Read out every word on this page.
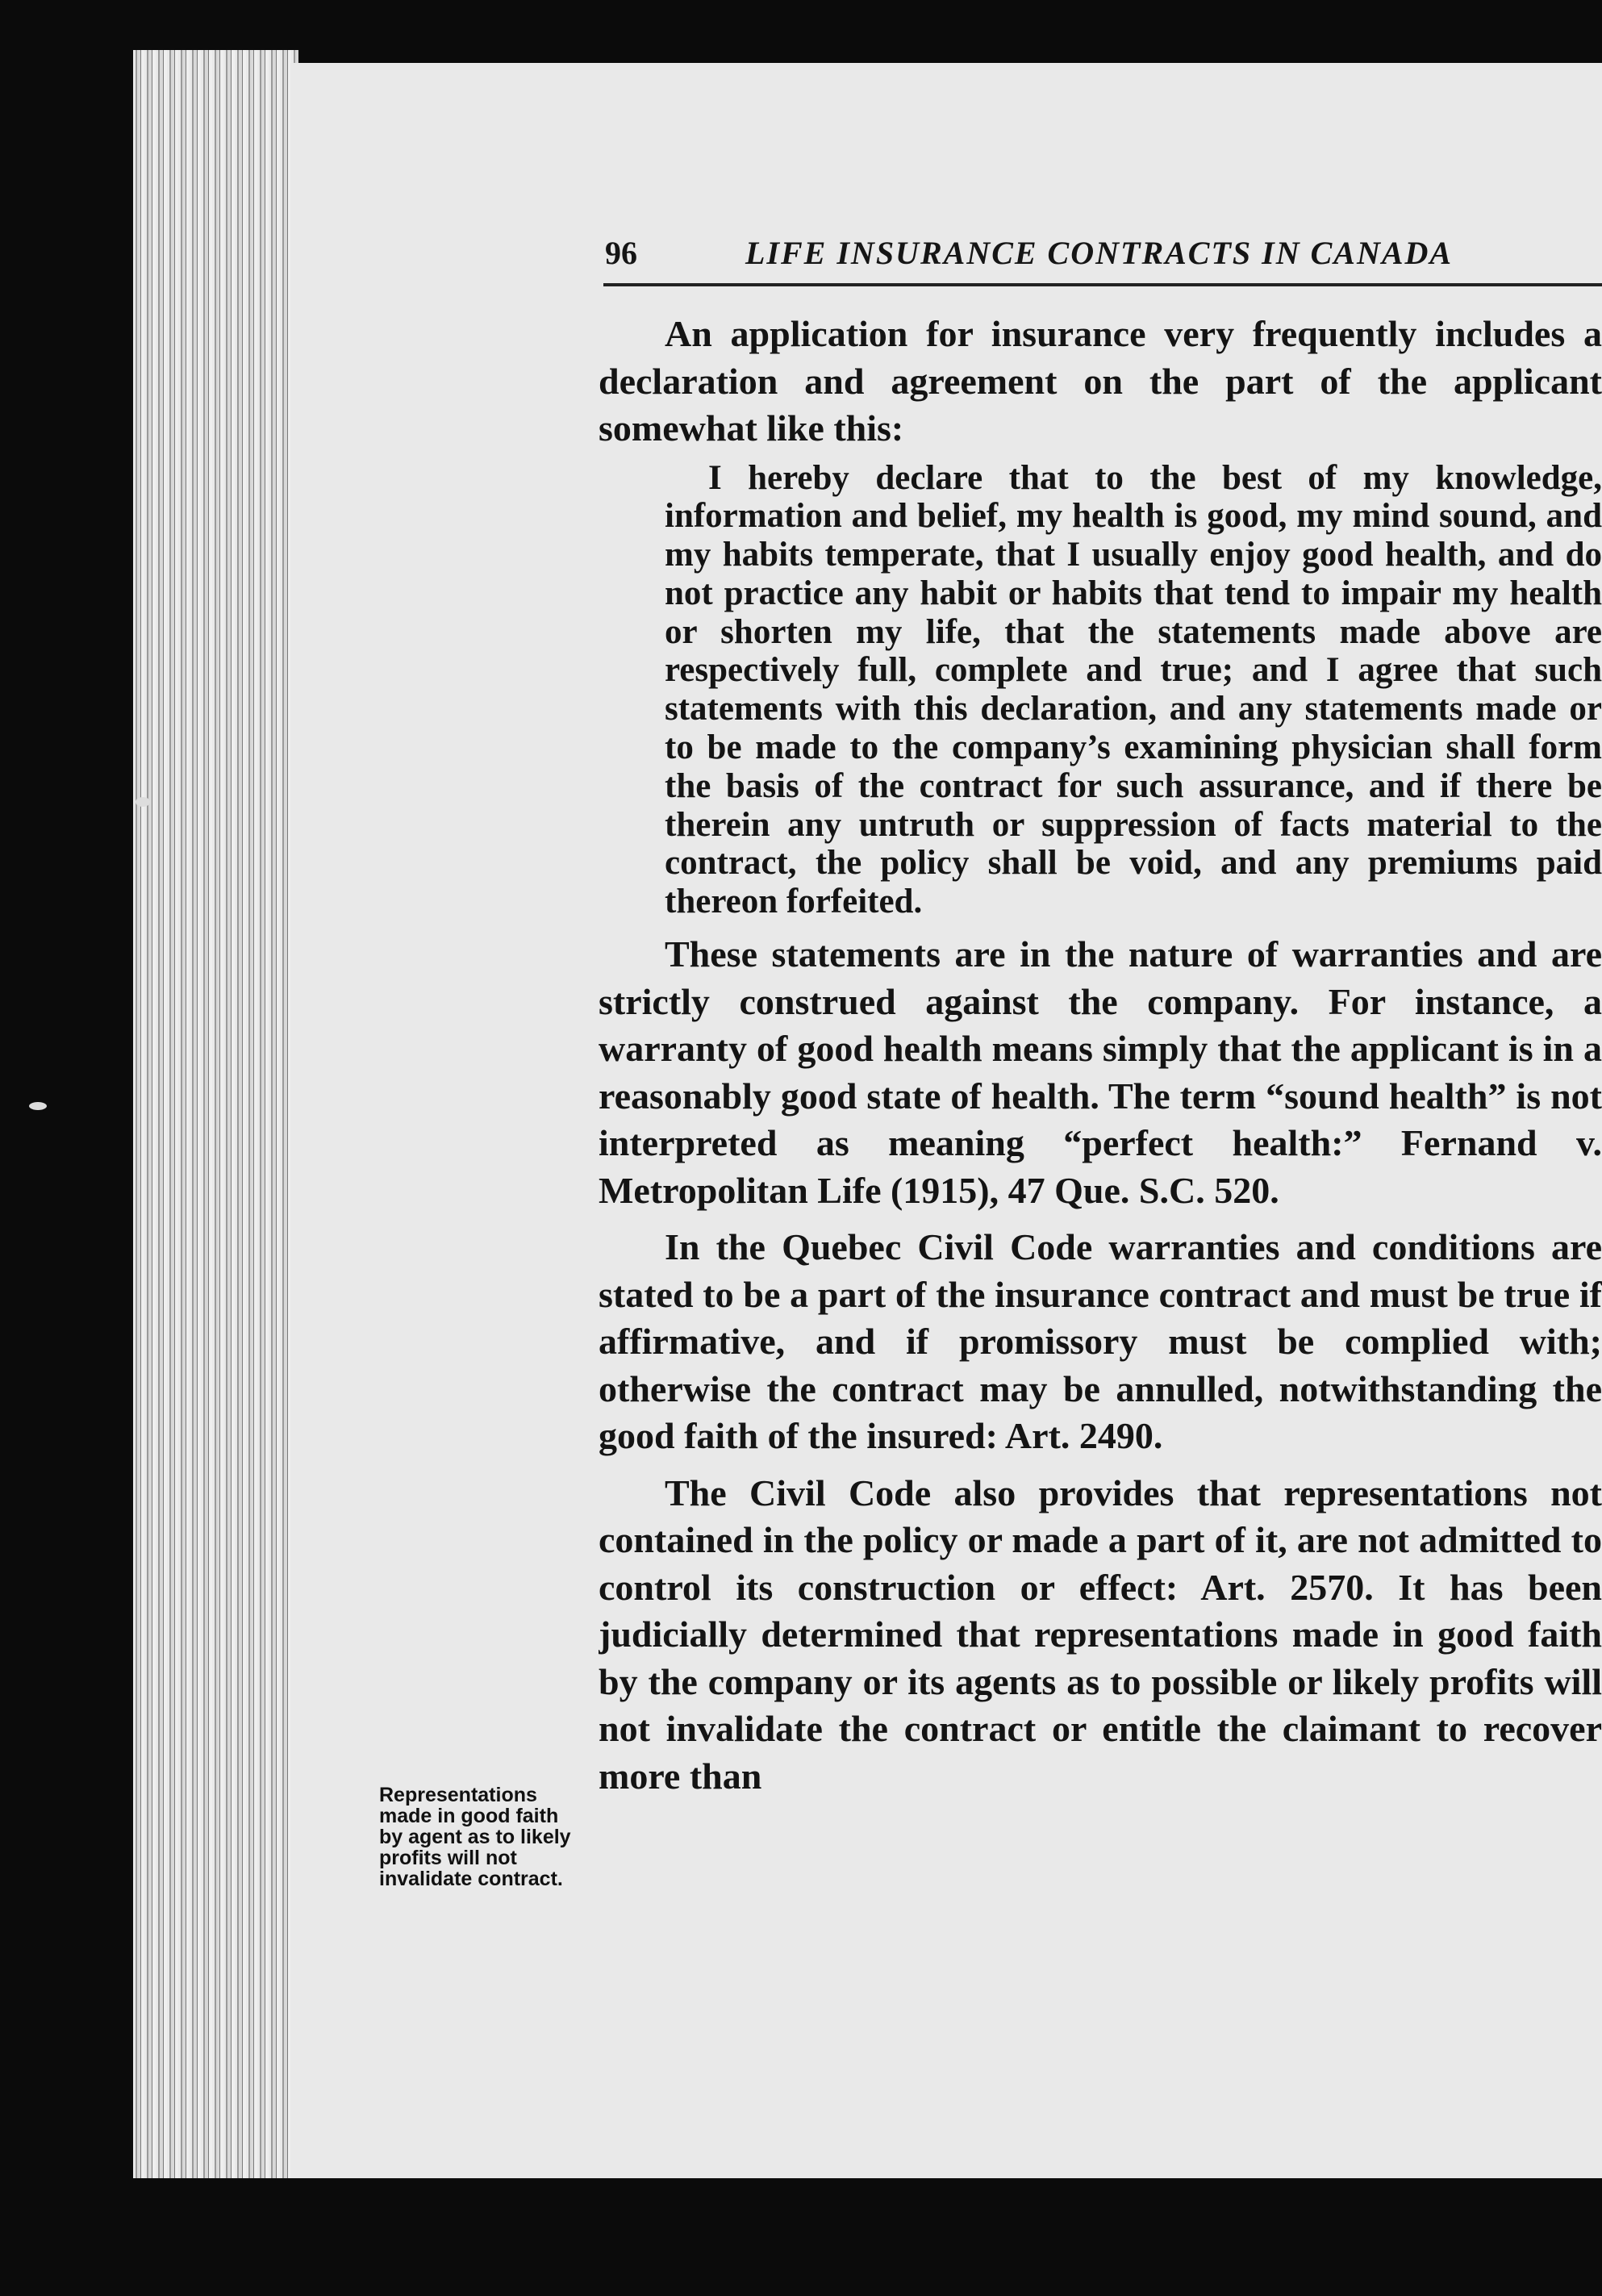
96	LIFE INSURANCE CONTRACTS IN CANADA

An application for insurance very frequently includes a declaration and agreement on the part of the applicant somewhat like this:

I hereby declare that to the best of my knowledge, information and belief, my health is good, my mind sound, and my habits temperate, that I usually enjoy good health, and do not practice any habit or habits that tend to impair my health or shorten my life, that the statements made above are respectively full, complete and true; and I agree that such statements with this declaration, and any statements made or to be made to the company’s examining physician shall form the basis of the contract for such assurance, and if there be therein any untruth or suppression of facts material to the contract, the policy shall be void, and any premiums paid thereon forfeited.

These statements are in the nature of warranties and are strictly construed against the company. For instance, a warranty of good health means simply that the applicant is in a reasonably good state of health. The term “sound health” is not interpreted as meaning “perfect health:” Fernand v. Metropolitan Life (1915), 47 Que. S.C. 520.

In the Quebec Civil Code warranties and conditions are stated to be a part of the insurance contract and must be true if affirmative, and if promissory must be complied with; otherwise the contract may be annulled, notwithstanding the good faith of the insured: Art. 2490.

The Civil Code also provides that representations not contained in the policy or made a part of it, are not admitted to control its construction or effect: Art. 2570. It has been judicially determined that representations made in good faith by the company or its agents as to possible or likely profits will not invalidate the contract or entitle the claimant to recover more than

Representations made in good faith by agent as to likely profits will not invalidate contract.
